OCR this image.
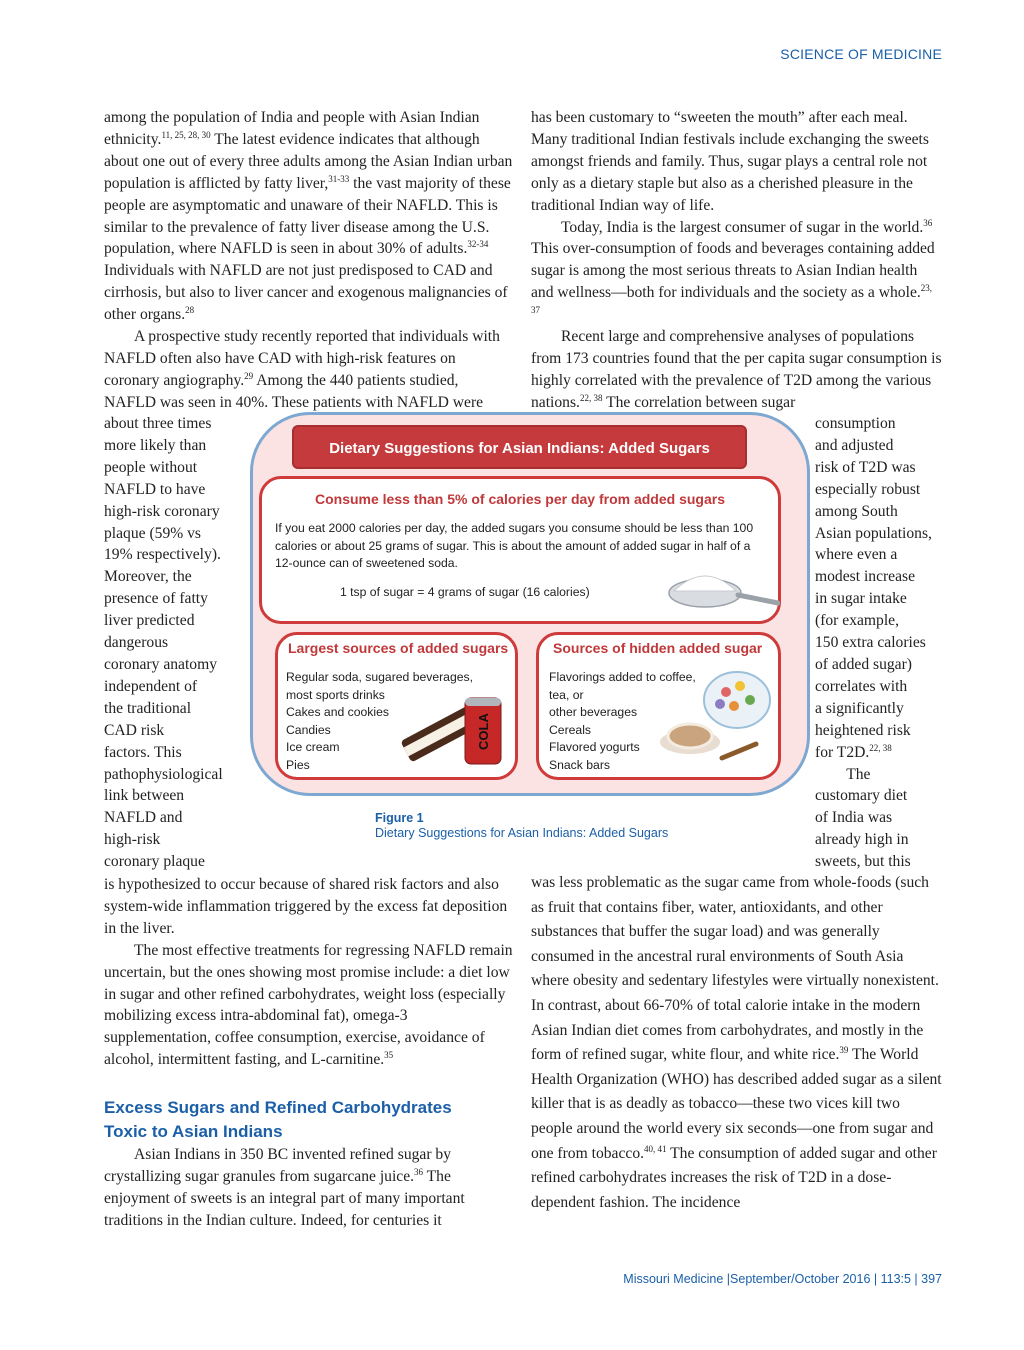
SCIENCE OF MEDICINE

among the population of India and people with Asian Indian ethnicity.$^{11, 25, 28, 30}$ The latest evidence indicates that although about one out of every three adults among the Asian Indian urban population is afflicted by fatty liver,$^{31-33}$ the vast majority of these people are asymptomatic and unaware of their NAFLD. This is similar to the prevalence of fatty liver disease among the U.S. population, where NAFLD is seen in about 30% of adults.$^{32-34}$ Individuals with NAFLD are not just predisposed to CAD and cirrhosis, but also to liver cancer and exogenous malignancies of other organs.$^{28}$

A prospective study recently reported that individuals with NAFLD often also have CAD with high-risk features on coronary angiography.$^{29}$ Among the 440 patients studied, NAFLD was seen in 40%. These patients with NAFLD were

about three times
more likely than
people without
NAFLD to have
high-risk coronary
plaque (59% vs
19% respectively).
Moreover, the
presence of fatty
liver predicted
dangerous
coronary anatomy
independent of
the traditional
CAD risk
factors. This
pathophysiological
link between
NAFLD and
high-risk
coronary plaque

is hypothesized to occur because of shared risk factors and also system-wide inflammation triggered by the excess fat deposition in the liver.

The most effective treatments for regressing NAFLD remain uncertain, but the ones showing most promise include: a diet low in sugar and other refined carbohydrates, weight loss (especially mobilizing excess intra-abdominal fat), omega-3 supplementation, coffee consumption, exercise, avoidance of alcohol, intermittent fasting, and L-carnitine.$^{35}$

Excess Sugars and Refined Carbohydrates
Toxic to Asian Indians

Asian Indians in 350 BC invented refined sugar by crystallizing sugar granules from sugarcane juice.$^{36}$ The enjoyment of sweets is an integral part of many important traditions in the Indian culture. Indeed, for centuries it

has been customary to “sweeten the mouth” after each meal. Many traditional Indian festivals include exchanging the sweets amongst friends and family. Thus, sugar plays a central role not only as a dietary staple but also as a cherished pleasure in the traditional Indian way of life.

Today, India is the largest consumer of sugar in the world.$^{36}$ This over-consumption of foods and beverages containing added sugar is among the most serious threats to Asian Indian health and wellness—both for individuals and the society as a whole.$^{23, 37}$

Recent large and comprehensive analyses of populations from 173 countries found that the per capita sugar consumption is highly correlated with the prevalence of T2D among the various nations.$^{22, 38}$ The correlation between sugar

consumption
and adjusted
risk of T2D was
especially robust
among South
Asian populations,
where even a
modest increase
in sugar intake
(for example,
150 extra calories
of added sugar)
correlates with
a significantly
heightened risk
for T2D.$^{22, 38}$
The
customary diet
of India was
already high in
sweets, but this

was less problematic as the sugar came from whole-foods (such as fruit that contains fiber, water, antioxidants, and other substances that buffer the sugar load) and was generally consumed in the ancestral rural environments of South Asia where obesity and sedentary lifestyles were virtually nonexistent. In contrast, about 66-70% of total calorie intake in the modern Asian Indian diet comes from carbohydrates, and mostly in the form of refined sugar, white flour, and white rice.$^{39}$ The World Health Organization (WHO) has described added sugar as a silent killer that is as deadly as tobacco—these two vices kill two people around the world every six seconds—one from sugar and one from tobacco.$^{40, 41}$ The consumption of added sugar and other refined carbohydrates increases the risk of T2D in a dose-dependent fashion. The incidence

Dietary Suggestions for Asian Indians: Added Sugars
Consume less than 5% of calories per day from added sugars
If you eat 2000 calories per day, the added sugars you consume should be less than 100 calories or about 25 grams of sugar. This is about the amount of added sugar in half of a 12-ounce can of sweetened soda.
1 tsp of sugar = 4 grams of sugar (16 calories)
Largest sources of added sugars
Regular soda, sugared beverages,
most sports drinks
Cakes and cookies
Candies
Ice cream
Pies
COLA
Sources of hidden added sugar
Flavorings added to coffee, tea, or
other beverages
Cereals
Flavored yogurts
Snack bars
Figure 1
Dietary Suggestions for Asian Indians: Added Sugars
Missouri Medicine |September/October 2016 | 113:5 | 397
